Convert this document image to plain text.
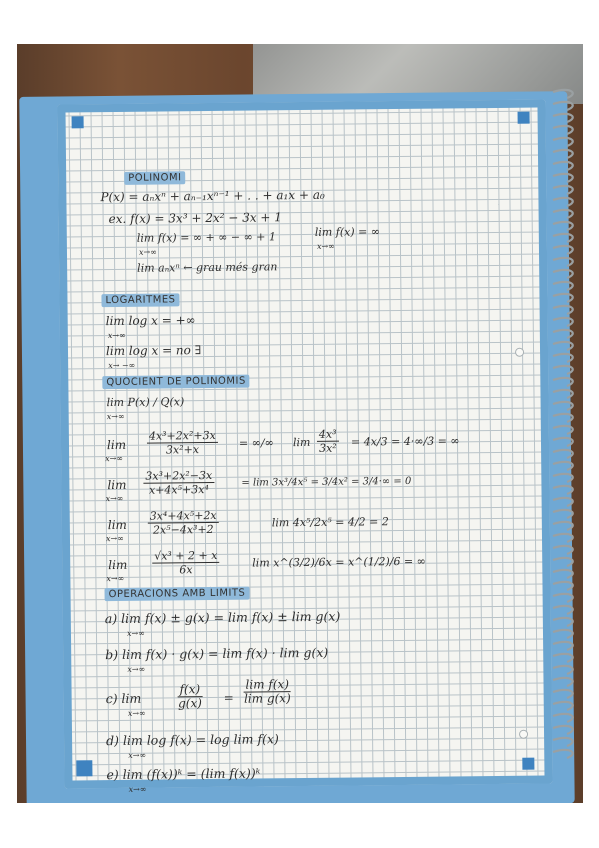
POLINOMI
P(x) = aₙxⁿ + aₙ₋₁xⁿ⁻¹ + . . + a₁x + a₀
ex. f(x) = 3x³ + 2x² − 3x + 1
lim f(x) = ∞ + ∞ − ∞ + 1
x→∞
lim f(x) = ∞
x→∞
lim aₙxⁿ ← grau més gran
LOGARITMES
lim log x = +∞
x→∞
lim log x = no ∃
x→ −∞
QUOCIENT DE POLINOMIS
lim P(x) / Q(x)
x→∞
lim
x→∞
$\frac{\text{4x³+2x²+3x}}{\text{3x²+x}}$ = ∞/∞ $\lim \frac{\text{4x³}}{\text{3x²}} = 4x/3 = 4\cdot\infty/3$ = ∞
lim
x→∞
$\frac{\text{3x³+2x²−3x}}{\text{x+4x⁵+3x⁴}}$	= lim 3x³/4x⁵ = 3/4x² = 3/4·∞ = 0
lim
x→∞
$\frac{\text{3x⁴+4x⁵+2x}}{\text{2x⁵−4x³+2}}$	lim 4x⁵/2x⁵ = 4/2 = 2
lim
x→∞
$\frac{\text{√x³ + 2 + x}}{6x}$	lim x^(3/2)/6x = x^(1/2)/6 = ∞
OPERACIONS AMB LIMITS
a) lim f(x) ± g(x) = lim f(x) ± lim g(x)
x→∞
b) lim f(x) · g(x) = lim f(x) · lim g(x)
x→∞
c) lim
x→∞
$\frac{f(x)}{g(x)} = \frac{\text{lim f(x)}}{\text{lim g(x)}}$
d) lim log f(x) = log lim f(x)
x→∞
e) lim (f(x))ᵏ = (lim f(x))ᵏ
x→∞
